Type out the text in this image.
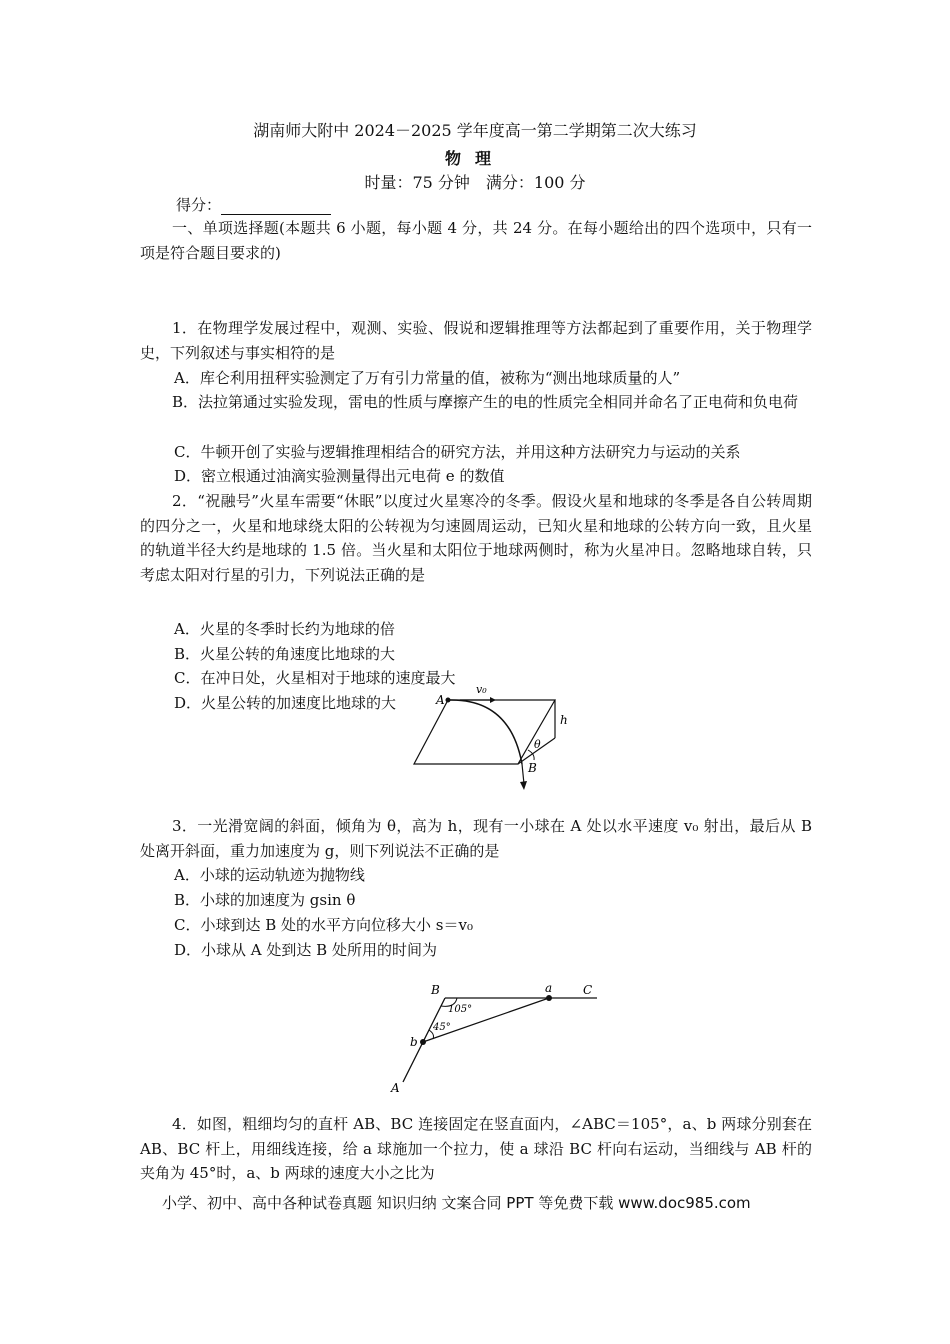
湖南师大附中 2024－2025 学年度高一第二学期第二次大练习
物理
时量：75 分钟　满分：100 分
得分：
一、单项选择题(本题共 6 小题，每小题 4 分，共 24 分。在每小题给出的四个选项中，只有一项是符合题目要求的)
1．在物理学发展过程中，观测、实验、假说和逻辑推理等方法都起到了重要作用，关于物理学史，下列叙述与事实相符的是
A．库仑利用扭秤实验测定了万有引力常量的值，被称为“测出地球质量的人”
B．法拉第通过实验发现，雷电的性质与摩擦产生的电的性质完全相同并命名了正电荷和负电荷
C．牛顿开创了实验与逻辑推理相结合的研究方法，并用这种方法研究力与运动的关系
D．密立根通过油滴实验测量得出元电荷 e 的数值
2．“祝融号”火星车需要“休眠”以度过火星寒冷的冬季。假设火星和地球的冬季是各自公转周期的四分之一，火星和地球绕太阳的公转视为匀速圆周运动，已知火星和地球的公转方向一致，且火星的轨道半径大约是地球的 1.5 倍。当火星和太阳位于地球两侧时，称为火星冲日。忽略地球自转，只考虑太阳对行星的引力，下列说法正确的是
A．火星的冬季时长约为地球的倍
B．火星公转的角速度比地球的大
C．在冲日处，火星相对于地球的速度最大
D．火星公转的加速度比地球的大	A
v₀
h
θ
B
3．一光滑宽阔的斜面，倾角为 θ，高为 h，现有一小球在 A 处以水平速度 v₀ 射出，最后从 B 处离开斜面，重力加速度为 g，则下列说法不正确的是
A．小球的运动轨迹为抛物线
B．小球的加速度为 gsin θ
C．小球到达 B 处的水平方向位移大小 s＝v₀
D．小球从 A 处到达 B 处所用的时间为
B	a	C
105°
45°
b
A
4．如图，粗细均匀的直杆 AB、BC 连接固定在竖直面内，∠ABC＝105°，a、b 两球分别套在 AB、BC 杆上，用细线连接，给 a 球施加一个拉力，使 a 球沿 BC 杆向右运动，当细线与 AB 杆的夹角为 45°时，a、b 两球的速度大小之比为
小学、初中、高中各种试卷真题 知识归纳 文案合同 PPT 等免费下载 www.doc985.com
